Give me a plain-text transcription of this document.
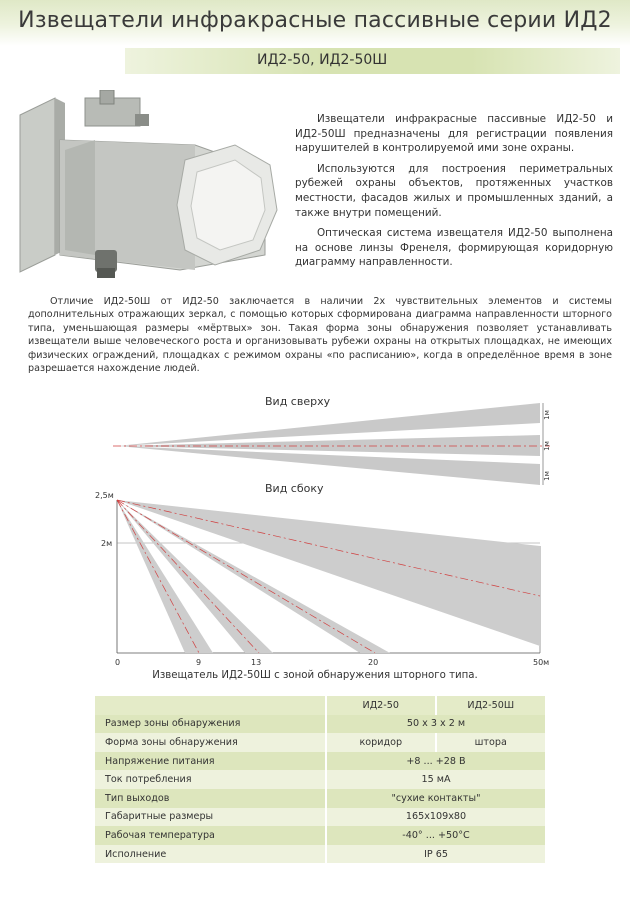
Извещатели инфракрасные пассивные серии ИД2
ИД2-50, ИД2-50Ш

Извещатели инфракрасные пассивные ИД2-50 и ИД2-50Ш предназначены для регистрации появления нарушителей в контролируемой ими зоне охраны.

Используются для построения периметральных рубежей охраны объектов, протяженных участков местности, фасадов жилых и промышленных зданий, а также внутри помещений.

Оптическая система извещателя ИД2-50 выполнена на основе линзы Френеля, формирующая коридорную диаграмму направленности.

Отличие ИД2-50Ш от ИД2-50 заключается в наличии 2х чувствительных элементов и системы дополнительных отражающих зеркал, с помощью которых сформирована диаграмма направленности шторного типа, уменьшающая размеры «мёртвых» зон. Такая форма зоны обнаружения позволяет устанавливать извещатели выше человеческого роста и организовывать рубежи охраны на открытых площадках, не имеющих физических ограждений, площадках с режимом охраны «по расписанию», когда в определённое время в зоне разрешается нахождение людей.

Вид сверху
1м
1м
1м
Вид сбоку
2,5м
2м
0	9	13	20	50м
Извещатель ИД2-50Ш с зоной обнаружения шторного типа.
	ИД2-50	ИД2-50Ш
Размер зоны обнаружения	50 x 3 x 2 м	
Форма зоны обнаружения	коридор	штора
Напряжение питания	+8 ... +28 В	
Ток потребления	15 мА	
Тип выходов	"сухие контакты"	
Габаритные размеры	165x109x80	
Рабочая температура	-40° ... +50°C	
Исполнение	IP 65	
